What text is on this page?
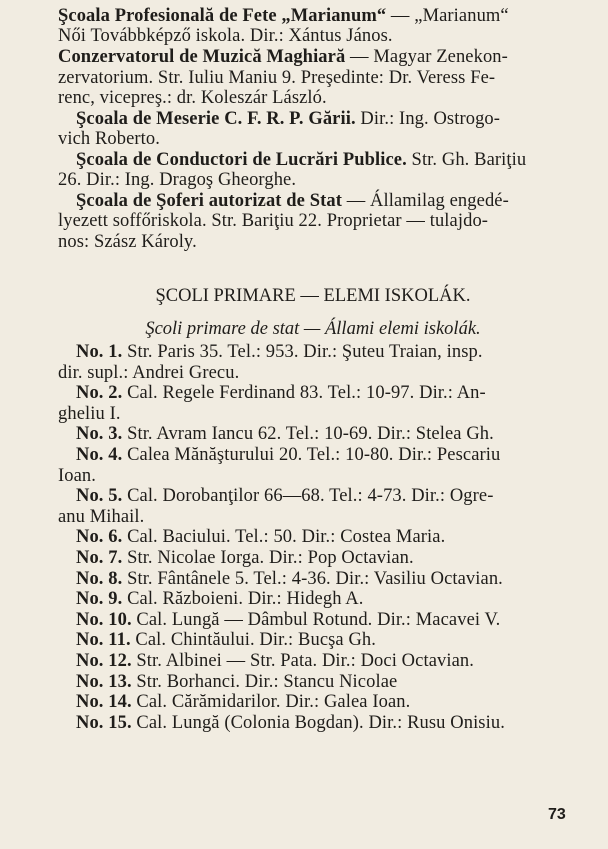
Şcoala Profesională de Fete „Marianum“ — „Marianum“
Női Továbbképző iskola. Dir.: Xántus János.
Conzervatorul de Muzică Maghiară — Magyar Zenekon-
zervatorium. Str. Iuliu Maniu 9. Preşedinte: Dr. Veress Fe-
renc, vicepreş.: dr. Koleszár László.
Şcoala de Meserie C. F. R. P. Gării. Dir.: Ing. Ostrogo-
vich Roberto.
Şcoala de Conductori de Lucrări Publice. Str. Gh. Bariţiu
26. Dir.: Ing. Dragoş Gheorghe.
Şcoala de Şoferi autorizat de Stat — Államilag engedé-
lyezett soffőriskola. Str. Bariţiu 22. Proprietar — tulajdo-
nos: Szász Károly.
ŞCOLI PRIMARE — ELEMI ISKOLÁK.
Şcoli primare de stat — Állami elemi iskolák.
No. 1. Str. Paris 35. Tel.: 953. Dir.: Şuteu Traian, insp.
dir. supl.: Andrei Grecu.
No. 2. Cal. Regele Ferdinand 83. Tel.: 10-97. Dir.: An-
gheliu I.
No. 3. Str. Avram Iancu 62. Tel.: 10-69. Dir.: Stelea Gh.
No. 4. Calea Mănăşturului 20. Tel.: 10-80. Dir.: Pescariu
Ioan.
No. 5. Cal. Dorobanţilor 66—68. Tel.: 4-73. Dir.: Ogre-
anu Mihail.
No. 6. Cal. Baciului. Tel.: 50. Dir.: Costea Maria.
No. 7. Str. Nicolae Iorga. Dir.: Pop Octavian.
No. 8. Str. Fântânele 5. Tel.: 4-36. Dir.: Vasiliu Octavian.
No. 9. Cal. Războieni. Dir.: Hidegh A.
No. 10. Cal. Lungă — Dâmbul Rotund. Dir.: Macavei V.
No. 11. Cal. Chintăului. Dir.: Bucşa Gh.
No. 12. Str. Albinei — Str. Pata. Dir.: Doci Octavian.
No. 13. Str. Borhanci. Dir.: Stancu Nicolae
No. 14. Cal. Cărămidarilor. Dir.: Galea Ioan.
No. 15. Cal. Lungă (Colonia Bogdan). Dir.: Rusu Onisiu.
73
